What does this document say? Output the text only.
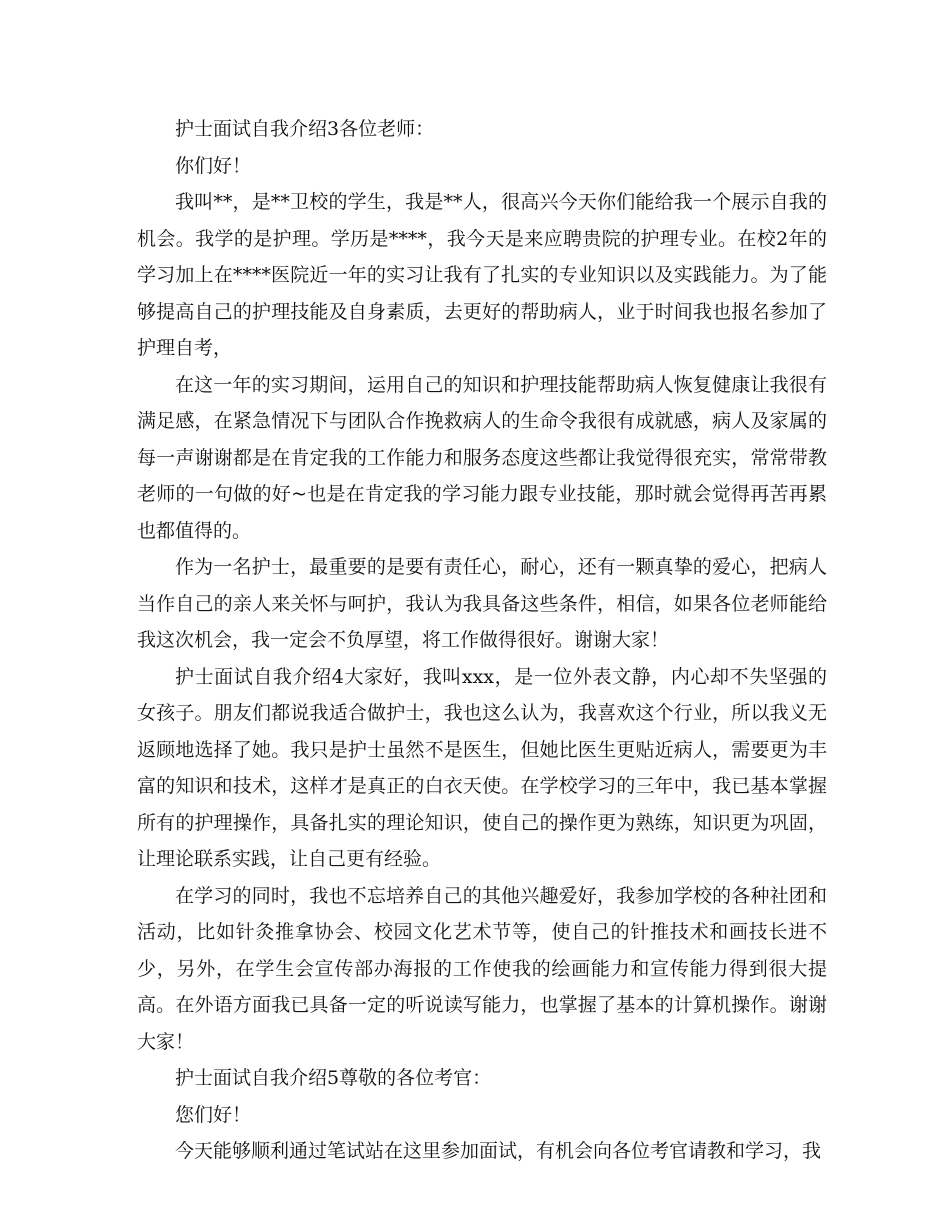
护士面试自我介绍3各位老师：

你们好！

我叫**，是**卫校的学生，我是**人，很高兴今天你们能给我一个展示自我的机会。我学的是护理。学历是****，我今天是来应聘贵院的护理专业。在校2年的学习加上在****医院近一年的实习让我有了扎实的专业知识以及实践能力。为了能够提高自己的护理技能及自身素质，去更好的帮助病人，业于时间我也报名参加了护理自考，

在这一年的实习期间，运用自己的知识和护理技能帮助病人恢复健康让我很有满足感，在紧急情况下与团队合作挽救病人的生命令我很有成就感，病人及家属的每一声谢谢都是在肯定我的工作能力和服务态度这些都让我觉得很充实，常常带教老师的一句做的好~也是在肯定我的学习能力跟专业技能，那时就会觉得再苦再累也都值得的。

作为一名护士，最重要的是要有责任心，耐心，还有一颗真挚的爱心，把病人当作自己的亲人来关怀与呵护，我认为我具备这些条件，相信，如果各位老师能给我这次机会，我一定会不负厚望，将工作做得很好。谢谢大家！

护士面试自我介绍4大家好，我叫xxx，是一位外表文静，内心却不失坚强的女孩子。朋友们都说我适合做护士，我也这么认为，我喜欢这个行业，所以我义无返顾地选择了她。我只是护士虽然不是医生，但她比医生更贴近病人，需要更为丰富的知识和技术，这样才是真正的白衣天使。在学校学习的三年中，我已基本掌握所有的护理操作，具备扎实的理论知识，使自己的操作更为熟练，知识更为巩固，让理论联系实践，让自己更有经验。

在学习的同时，我也不忘培养自己的其他兴趣爱好，我参加学校的各种社团和活动，比如针灸推拿协会、校园文化艺术节等，使自己的针推技术和画技长进不少，另外，在学生会宣传部办海报的工作使我的绘画能力和宣传能力得到很大提高。在外语方面我已具备一定的听说读写能力，也掌握了基本的计算机操作。谢谢大家！

护士面试自我介绍5尊敬的各位考官：

您们好！

今天能够顺利通过笔试站在这里参加面试，有机会向各位考官请教和学习，我
